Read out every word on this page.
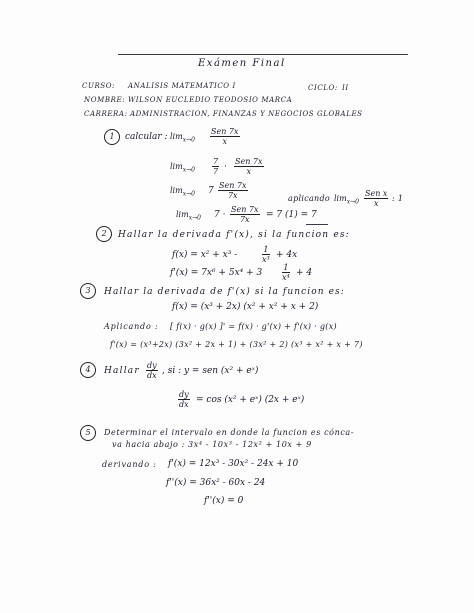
Exámen Final
CURSO: ANALISIS MATEMATICO I	CICLO: II
NOMBRE: WILSON EUCLEDIO TEODOSIO MARCA
CARRERA: ADMINISTRACION, FINANZAS Y NEGOCIOS GLOBALES
1	calcular : $\lim_{x\to 0}$
Sen 7x
x
$\lim_{x\to 0} \frac{7}{7}$ ·
Sen 7x
x
$\lim_{x\to 0} 7$
Sen 7x
7x	aplicando $\lim_{x\to 0}$
Sen x
x
: 1
$\lim_{x\to 0} 7$ ·
Sen 7x
7x	= 7 (1) = 7
2	Hallar la derivada f'(x), si la funcion es:
f(x) = x² + x³ -	$\frac{1}{\text{x³}} + 4x$
$f'(x) = 7x^6 + 5x^4 + 3 \frac{1}{\text{x⁴}} + 4$
3	Hallar la derivada de f'(x) si la funcion es:
f(x) = (x³ + 2x) (x² + x² + x + 2)
Aplicando : [ f(x) · g(x) ]' = f(x) · g'(x) + f'(x) · g(x)
f'(x) = (x³+2x) (3x² + 2x + 1) + (3x² + 2) (x³ + x² + x + 7)
4	Hallar $\frac{dy}{dx}$ , si : y = sen (x² + eˣ)
$\frac{dy}{dx} = \cos (x^2$ + eˣ) (2x + eˣ)
5	Determinar el intervalo en donde la funcion es cónca-
va hacia abajo : 3x⁴ - 10x³ - 12x² + 10x + 9
derivando : f'(x) = 12x³ - 30x² - 24x + 10
f''(x) = 36x² - 60x - 24
f''(x) = 0
